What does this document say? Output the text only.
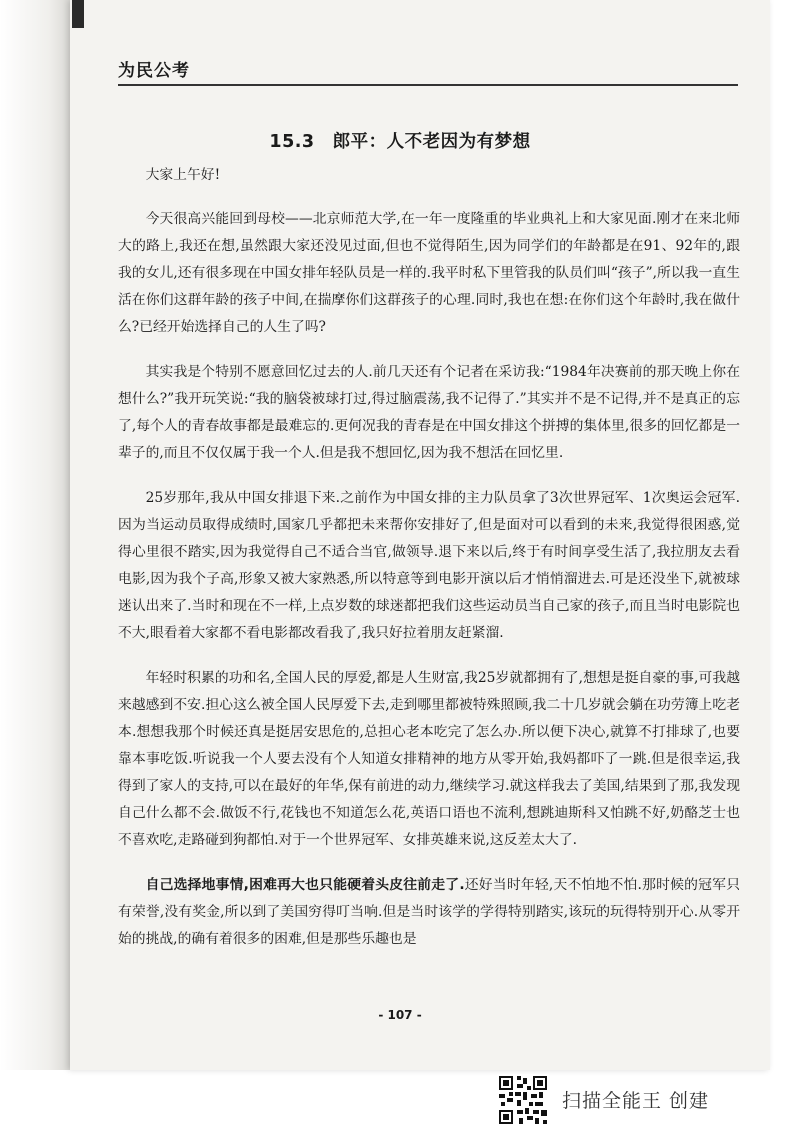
为民公考
15.3 郎平：人不老因为有梦想

大家上午好!

今天很高兴能回到母校——北京师范大学,在一年一度隆重的毕业典礼上和大家见面.刚才在来北师大的路上,我还在想,虽然跟大家还没见过面,但也不觉得陌生,因为同学们的年龄都是在91、92年的,跟我的女儿,还有很多现在中国女排年轻队员是一样的.我平时私下里管我的队员们叫“孩子”,所以我一直生活在你们这群年龄的孩子中间,在揣摩你们这群孩子的心理.同时,我也在想:在你们这个年龄时,我在做什么?已经开始选择自己的人生了吗?

其实我是个特别不愿意回忆过去的人.前几天还有个记者在采访我:“1984年决赛前的那天晚上你在想什么?”我开玩笑说:“我的脑袋被球打过,得过脑震荡,我不记得了.”其实并不是不记得,并不是真正的忘了,每个人的青春故事都是最难忘的.更何况我的青春是在中国女排这个拼搏的集体里,很多的回忆都是一辈子的,而且不仅仅属于我一个人.但是我不想回忆,因为我不想活在回忆里.

25岁那年,我从中国女排退下来.之前作为中国女排的主力队员拿了3次世界冠军、1次奥运会冠军.因为当运动员取得成绩时,国家几乎都把未来帮你安排好了,但是面对可以看到的未来,我觉得很困惑,觉得心里很不踏实,因为我觉得自己不适合当官,做领导.退下来以后,终于有时间享受生活了,我拉朋友去看电影,因为我个子高,形象又被大家熟悉,所以特意等到电影开演以后才悄悄溜进去.可是还没坐下,就被球迷认出来了.当时和现在不一样,上点岁数的球迷都把我们这些运动员当自己家的孩子,而且当时电影院也不大,眼看着大家都不看电影都改看我了,我只好拉着朋友赶紧溜.

年轻时积累的功和名,全国人民的厚爱,都是人生财富,我25岁就都拥有了,想想是挺自豪的事,可我越来越感到不安.担心这么被全国人民厚爱下去,走到哪里都被特殊照顾,我二十几岁就会躺在功劳簿上吃老本.想想我那个时候还真是挺居安思危的,总担心老本吃完了怎么办.所以便下决心,就算不打排球了,也要靠本事吃饭.听说我一个人要去没有个人知道女排精神的地方从零开始,我妈都吓了一跳.但是很幸运,我得到了家人的支持,可以在最好的年华,保有前进的动力,继续学习.就这样我去了美国,结果到了那,我发现自己什么都不会.做饭不行,花钱也不知道怎么花,英语口语也不流利,想跳迪斯科又怕跳不好,奶酪芝士也不喜欢吃,走路碰到狗都怕.对于一个世界冠军、女排英雄来说,这反差太大了.

自己选择地事情,困难再大也只能硬着头皮往前走了.还好当时年轻,天不怕地不怕.那时候的冠军只有荣誉,没有奖金,所以到了美国穷得叮当响.但是当时该学的学得特别踏实,该玩的玩得特别开心.从零开始的挑战,的确有着很多的困难,但是那些乐趣也是

- 107 -
扫描全能王 创建
